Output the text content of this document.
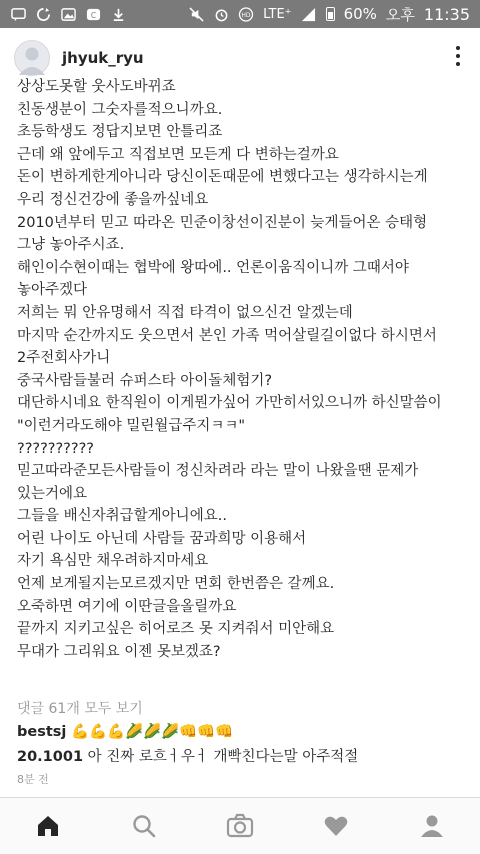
C	HD LTE⁺	60% 오후 11:35
jhyuk_ryu
상상도못할 웃사도바뀌죠
친동생분이 그숫자를적으니까요.
초등학생도 정답지보면 안틀리죠
근데 왜 앞에두고 직접보면 모든게 다 변하는걸까요
돈이 변하게한게아니라 당신이돈때문에 변했다고는 생각하시는게
우리 정신건강에 좋을까싶네요
2010년부터 믿고 따라온 민준이창선이진분이 늦게들어온 승태형
그냥 놓아주시죠.
해인이수현이때는 협박에 왕따에.. 언론이움직이니까 그때서야
놓아주겠다
저희는 뭐 안유명해서 직접 타격이 없으신건 알겠는데
마지막 순간까지도 웃으면서 본인 가족 먹어살릴길이없다 하시면서
2주전회사가니
중국사람들불러 슈퍼스타 아이돌체험기?
대단하시네요 한직원이 이게뭔가싶어 가만히서있으니까 하신말씀이
"이런거라도해야 밀린월급주지ㅋㅋ"
??????????
믿고따라준모든사람들이 정신차려라 라는 말이 나왔을땐 문제가
있는거에요
그들을 배신자취급할게아니에요..
어린 나이도 아닌데 사람들 꿈과희망 이용해서
자기 욕심만 채우려하지마세요
언제 보게될지는모르겠지만 면회 한번쯤은 갈께요.
오죽하면 여기에 이딴글을올릴까요
끝까지 지키고싶은 히어로즈 못 지켜줘서 미안해요
무대가 그리워요 이젠 못보겠죠?
댓글 61개 모두 보기
bestsj 💪💪💪🌽🌽🌽👊👊👊
20.1001 아 진짜 로흐ㅓ우ㅓ 개빡친다는말 아주적절
8분 전
